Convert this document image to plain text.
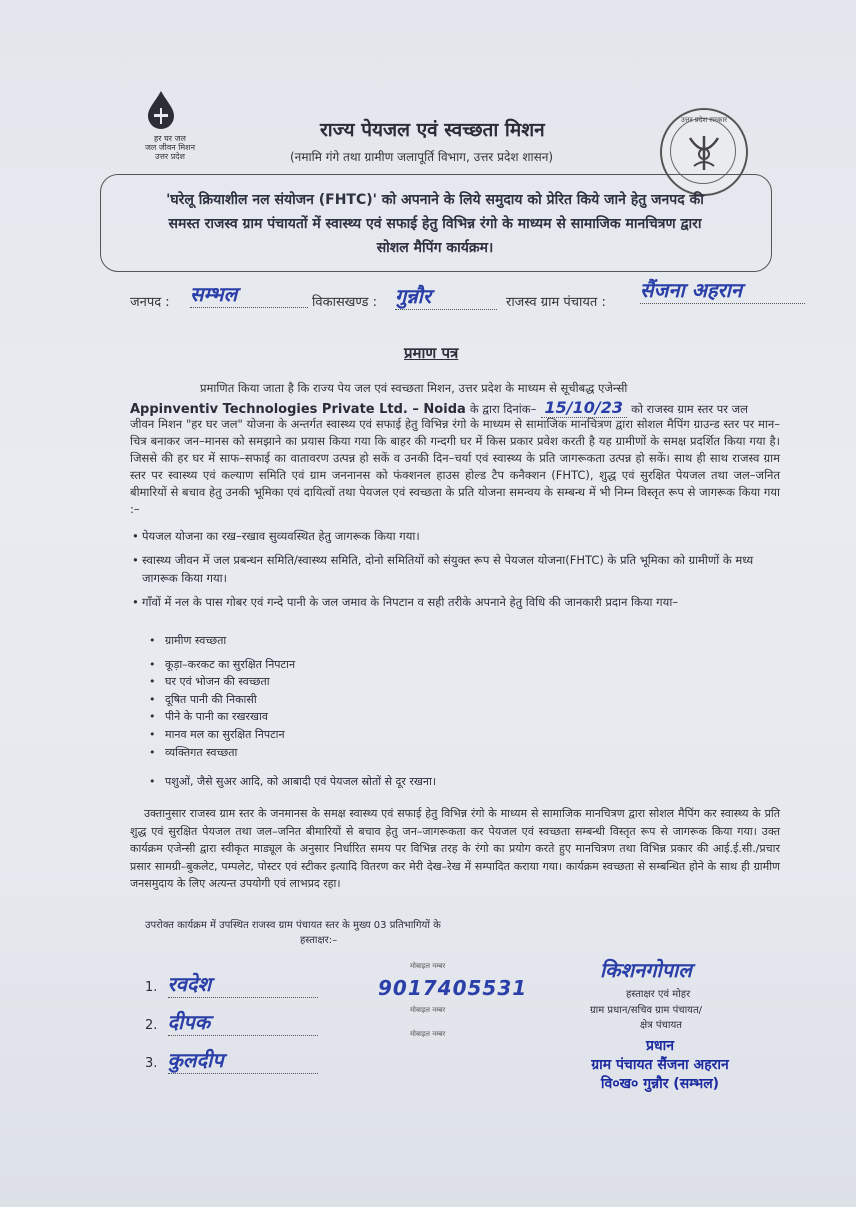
हर घर जल
जल जीवन मिशन
उत्तर प्रदेश
राज्य पेयजल एवं स्वच्छता मिशन
(नमामि गंगे तथा ग्रामीण जलापूर्ति विभाग, उत्तर प्रदेश शासन)
उत्तर प्रदेश सरकार
'घरेलू क्रियाशील नल संयोजन (FHTC)' को अपनाने के लिये समुदाय को प्रेरित किये जाने हेतु जनपद की
समस्त राजस्व ग्राम पंचायतों में स्वास्थ्य एवं सफाई हेतु विभिन्न रंगो के माध्यम से सामाजिक मानचित्रण द्वारा
सोशल मैपिंग कार्यक्रम।
जनपद : सम्भल	विकासखण्ड : गुन्नौर	राजस्व ग्राम पंचायत :
सैंजना अहरान
प्रमाण पत्र
प्रमाणित किया जाता है कि राज्य पेय जल एवं स्वच्छता मिशन, उत्तर प्रदेश के माध्यम से सूचीबद्ध एजेन्सी
Appinventiv Technologies Private Ltd. – Noida के द्वारा दिनांक– 15/10/23 को राजस्व ग्राम स्तर पर जल
जीवन मिशन "हर घर जल" योजना के अन्तर्गत स्वास्थ्य एवं सफाई हेतु विभिन्न रंगो के माध्यम से सामाजिक मानचित्रण द्वारा सोशल मैपिंग ग्राउन्ड स्तर पर मान–चित्र बनाकर जन–मानस को समझाने का प्रयास किया गया कि बाहर की गन्दगी घर में किस प्रकार प्रवेश करती है यह ग्रामीणों के समक्ष प्रदर्शित किया गया है। जिससे की हर घर में साफ–सफाई का वातावरण उत्पन्न हो सकें व उनकी दिन–चर्या एवं स्वास्थ्य के प्रति जागरूकता उत्पन्न हो सकें। साथ ही साथ राजस्व ग्राम स्तर पर स्वास्थ्य एवं कल्याण समिति एवं ग्राम जननानस को फंक्शनल हाउस होल्ड टैप कनैक्शन (FHTC), शुद्ध एवं सुरक्षित पेयजल तथा जल–जनित बीमारियों से बचाव हेतु उनकी भूमिका एवं दायित्वों तथा पेयजल एवं स्वच्छता के प्रति योजना समन्वय के सम्बन्ध में भी निम्न विस्तृत रूप से जागरूक किया गया :–
• पेयजल योजना का रख–रखाव सुव्यवस्थित हेतु जागरूक किया गया।
• स्वास्थ्य जीवन में जल प्रबन्धन समिति/स्वास्थ्य समिति, दोनो समितियों को संयुक्त रूप से पेयजल योजना(FHTC) के प्रति भूमिका को ग्रामीणों के मध्य जागरूक किया गया।
• गाँवों में नल के पास गोबर एवं गन्दे पानी के जल जमाव के निपटान व सही तरीके अपनाने हेतु विधि की जानकारी प्रदान किया गया–
• ग्रामीण स्वच्छता
• कूड़ा–करकट का सुरक्षित निपटान
• घर एवं भोजन की स्वच्छता
• दूषित पानी की निकासी
• पीने के पानी का रखरखाव
• मानव मल का सुरक्षित निपटान
• व्यक्तिगत स्वच्छता
• पशुओं, जैसे सुअर आदि, को आबादी एवं पेयजल स्रोतों से दूर रखना।
उक्तानुसार राजस्व ग्राम स्तर के जनमानस के समक्ष स्वास्थ्य एवं सफाई हेतु विभिन्न रंगो के माध्यम से सामाजिक मानचित्रण द्वारा सोशल मैपिंग कर स्वास्थ्य के प्रति शुद्ध एवं सुरक्षित पेयजल तथा जल–जनित बीमारियों से बचाव हेतु जन–जागरूकता कर पेयजल एवं स्वच्छता सम्बन्धी विस्तृत रूप से जागरूक किया गया। उक्त कार्यक्रम एजेन्सी द्वारा स्वीकृत माड्यूल के अनुसार निर्धारित समय पर विभिन्न तरह के रंगो का प्रयोग करते हुए मानचित्रण तथा विभिन्न प्रकार की आई.ई.सी./प्रचार प्रसार सामग्री–बुकलेट, पम्पलेट, पोस्टर एवं स्टीकर इत्यादि वितरण कर मेरी देख–रेख में सम्पादित कराया गया। कार्यक्रम स्वच्छता से सम्बन्धित होने के साथ ही ग्रामीण जनसमुदाय के लिए अत्यन्त उपयोगी एवं लाभप्रद रहा।
उपरोक्त कार्यक्रम में उपस्थित राजस्व ग्राम पंचायत स्तर के मुख्य 03 प्रतिभागियों के
हस्ताक्षर:–
1. रवदेश
2. दीपक
3. कुलदीप
मोबाइल नम्बर
9017405531
मोबाइल नम्बर
मोबाइल नम्बर
किशनगोपाल
हस्ताक्षर एवं मोहर
ग्राम प्रधान/सचिव ग्राम पंचायत/
क्षेत्र पंचायत
प्रधान
ग्राम पंचायत सैंजना अहरान
वि०ख० गुन्नौर (सम्भल)
